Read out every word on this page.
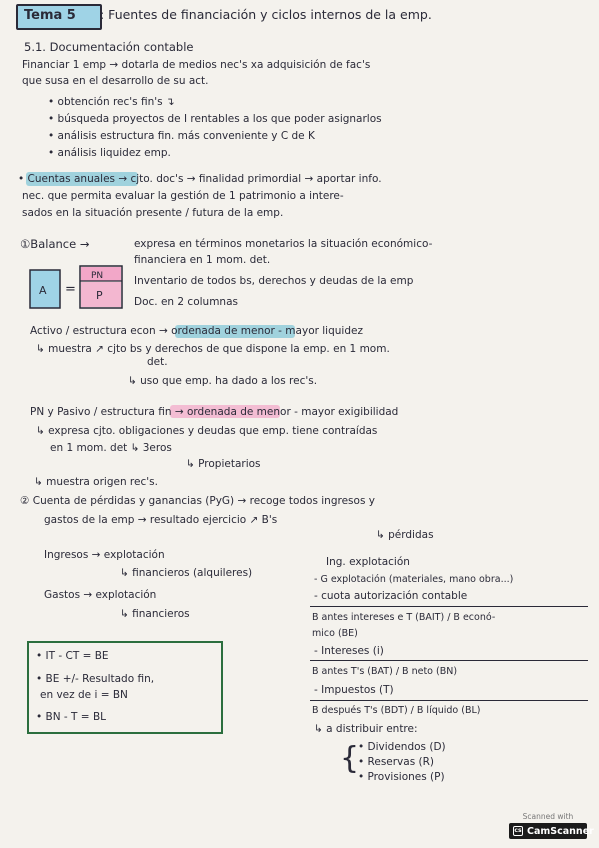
Tema 5 : Fuentes de financiación y ciclos internos de la emp.
5.1. Documentación contable
Financiar 1 emp → dotarla de medios nec's xa adquisición de fac's
que susa en el desarrollo de su act.
• obtención rec's fin's ↴
• búsqueda proyectos de I rentables a los que poder asignarlos
• análisis estructura fin. más conveniente y C de K
• análisis liquidez emp.
• Cuentas anuales → cjto. doc's → finalidad primordial → aportar info.
nec. que permita evaluar la gestión de 1 patrimonio a intere-
sados en la situación presente / futura de la emp.
①Balance →	expresa en términos monetarios la situación económico-
financiera en 1 mom. det.
Inventario de todos bs, derechos y deudas de la emp
Doc. en 2 columnas
A =
PN
P
Activo / estructura econ → ordenada de menor - mayor liquidez
↳ muestra ↗ cjto bs y derechos de que dispone la emp. en 1 mom.
det.
↳ uso que emp. ha dado a los rec's.
PN y Pasivo / estructura fin → ordenada de menor - mayor exigibilidad
↳ expresa cjto. obligaciones y deudas que emp. tiene contraídas
en 1 mom. det ↳ 3eros
↳ Propietarios
↳ muestra origen rec's.
② Cuenta de pérdidas y ganancias (PyG) → recoge todos ingresos y
gastos de la emp → resultado ejercicio ↗ B's
↳ pérdidas
Ingresos → explotación
↳ financieros (alquileres)
Gastos → explotación
↳ financieros
Ing. explotación
- G explotación (materiales, mano obra...)
- cuota autorización contable
B antes intereses e T (BAIT) / B econó-
mico (BE)
- Intereses (i)
B antes T's (BAT) / B neto (BN)
- Impuestos (T)
B después T's (BDT) / B líquido (BL)
↳ a distribuir entre:
{
• Dividendos (D)
• Reservas (R)
• Provisiones (P)
• IT - CT = BE
• BE +/- Resultado fin,
en vez de i = BN
• BN - T = BL
Scanned with
cs CamScanner
